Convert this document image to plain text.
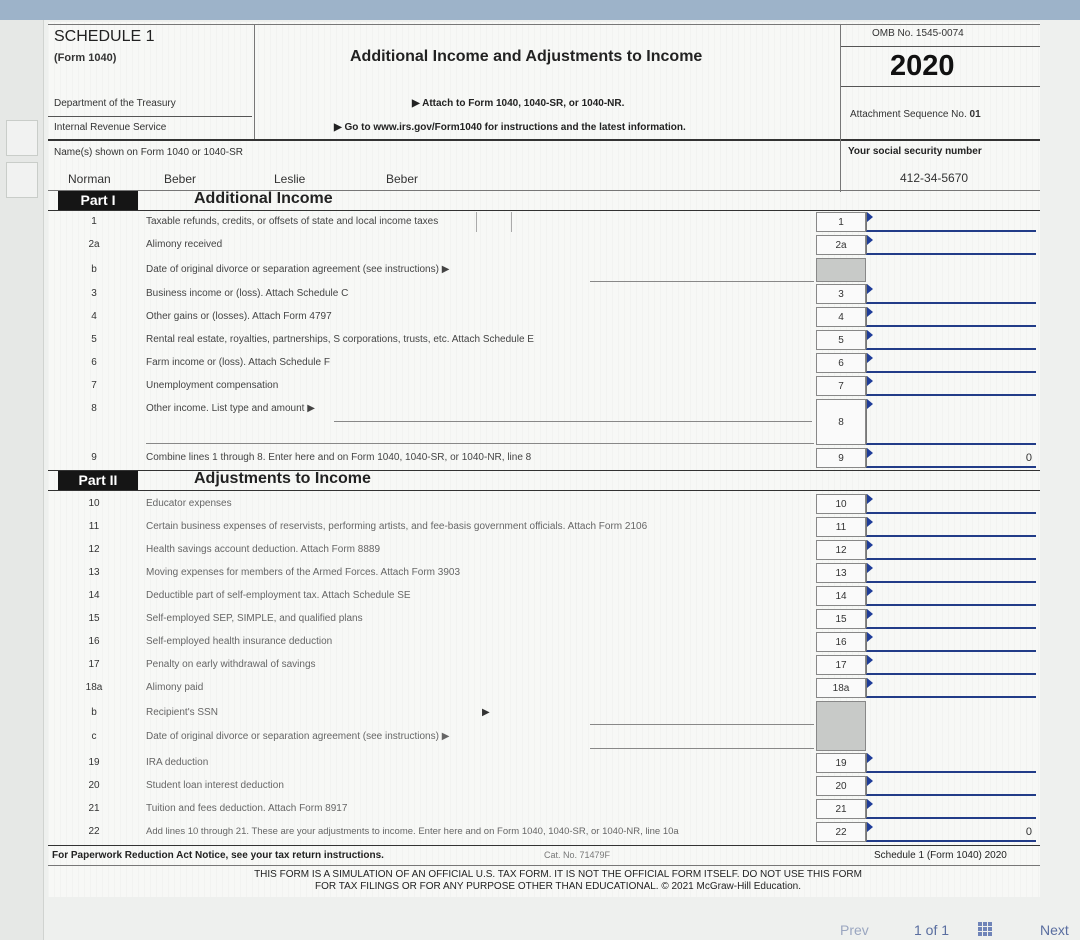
SCHEDULE 1
(Form 1040)
Department of the Treasury
Internal Revenue Service
Additional Income and Adjustments to Income
▶ Attach to Form 1040, 1040-SR, or 1040-NR.
▶ Go to www.irs.gov/Form1040 for instructions and the latest information.
OMB No. 1545-0074
2020
Attachment Sequence No. 01
Name(s) shown on Form 1040 or 1040-SR	Your social security number
Norman	Beber	Leslie	Beber	412-34-5670
Part I	Additional Income
1	Taxable refunds, credits, or offsets of state and local income taxes	1
2a	Alimony received	2a
b	Date of original divorce or separation agreement (see instructions) ▶
3	Business income or (loss). Attach Schedule C	3
4	Other gains or (losses). Attach Form 4797	4
5	Rental real estate, royalties, partnerships, S corporations, trusts, etc. Attach Schedule E	5
6	Farm income or (loss). Attach Schedule F	6
7	Unemployment compensation	7
8	Other income. List type and amount ▶
8
9	Combine lines 1 through 8. Enter here and on Form 1040, 1040-SR, or 1040-NR, line 8	9	0
Part II	Adjustments to Income
10	Educator expenses	10
11	Certain business expenses of reservists, performing artists, and fee-basis government officials. Attach Form 2106	11
12	Health savings account deduction. Attach Form 8889	12
13	Moving expenses for members of the Armed Forces. Attach Form 3903	13
14	Deductible part of self-employment tax. Attach Schedule SE	14
15	Self-employed SEP, SIMPLE, and qualified plans	15
16	Self-employed health insurance deduction	16
17	Penalty on early withdrawal of savings	17
18a	Alimony paid	18a
b	Recipient's SSN	▶
c	Date of original divorce or separation agreement (see instructions) ▶
19	IRA deduction	19
20	Student loan interest deduction	20
21	Tuition and fees deduction. Attach Form 8917	21
22	Add lines 10 through 21. These are your adjustments to income. Enter here and on Form 1040, 1040-SR, or 1040-NR, line 10a	22	0
For Paperwork Reduction Act Notice, see your tax return instructions.	Cat. No. 71479F	Schedule 1 (Form 1040) 2020
THIS FORM IS A SIMULATION OF AN OFFICIAL U.S. TAX FORM. IT IS NOT THE OFFICIAL FORM ITSELF. DO NOT USE THIS FORM
FOR TAX FILINGS OR FOR ANY PURPOSE OTHER THAN EDUCATIONAL. © 2021 McGraw-Hill Education.
Prev	1 of 1	Next
